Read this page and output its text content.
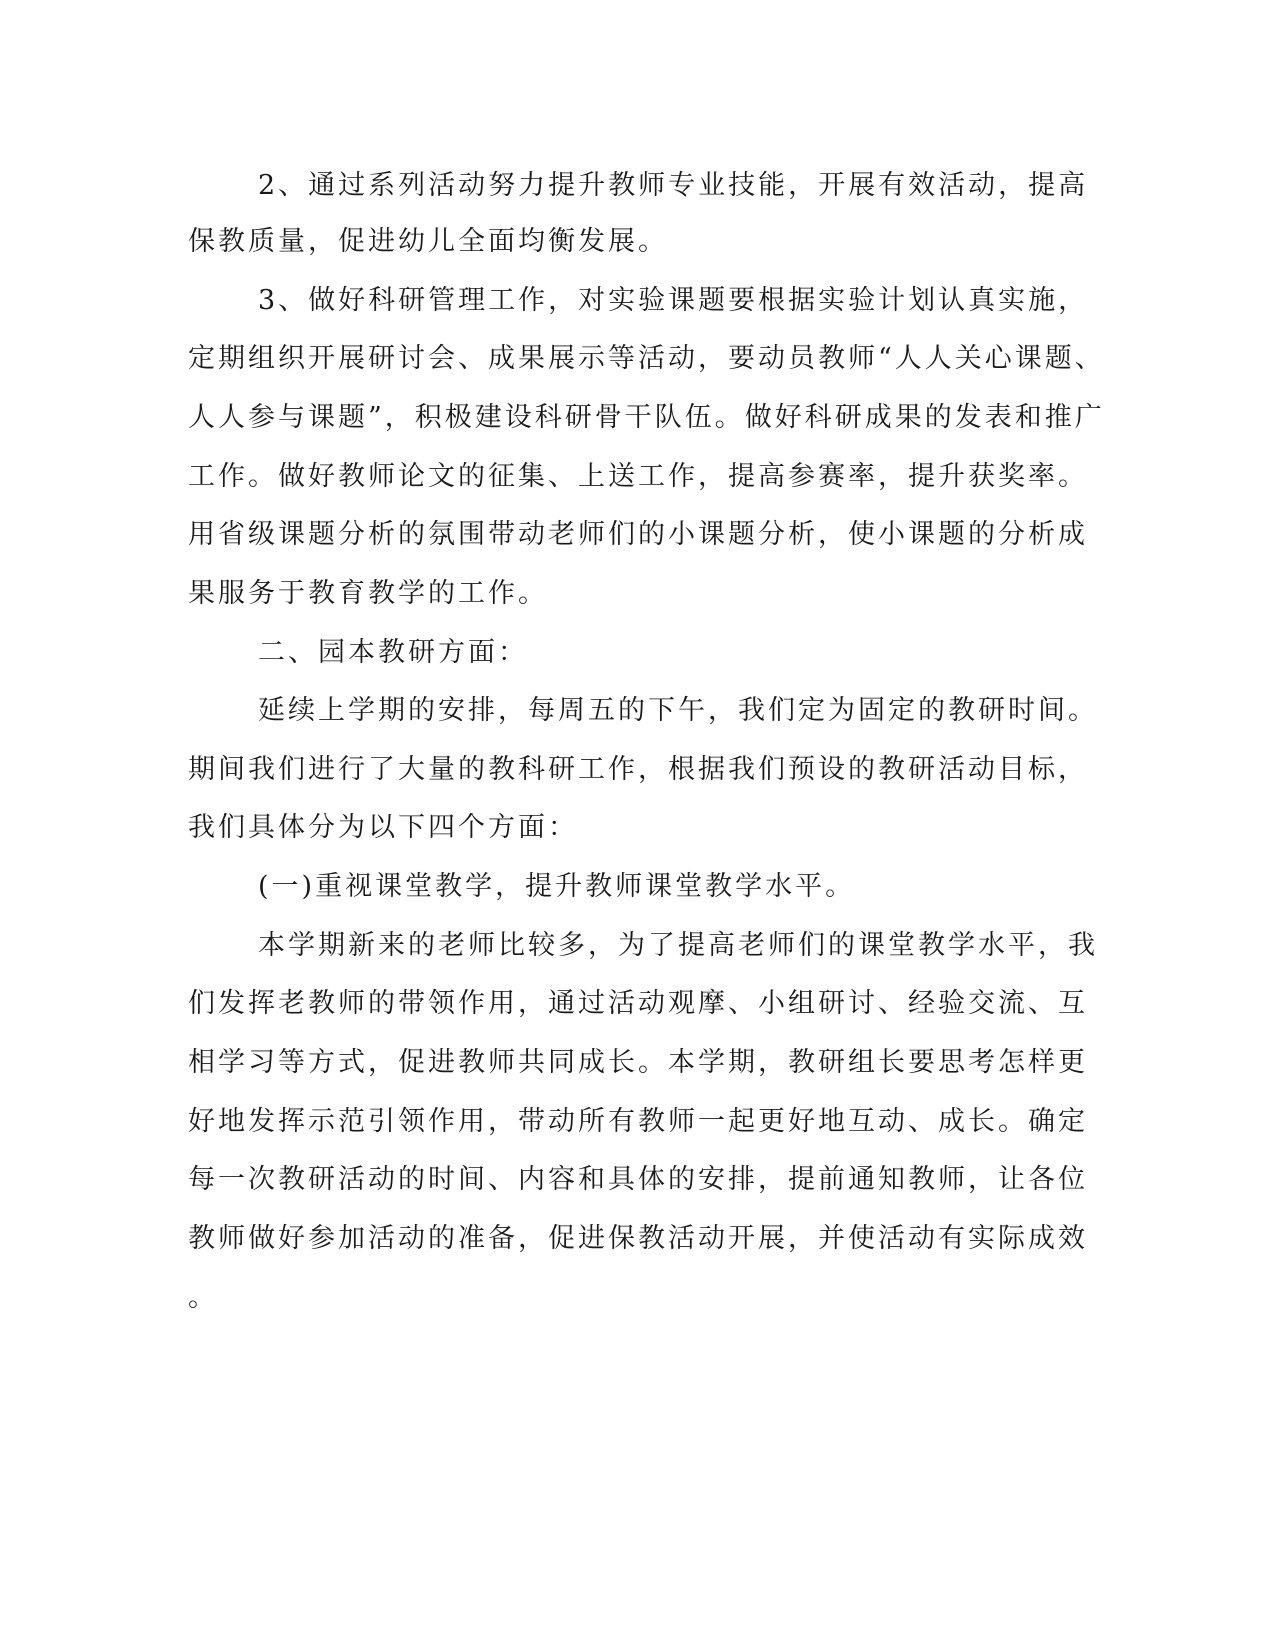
2、通过系列活动努力提升教师专业技能，开展有效活动，提高
保教质量，促进幼儿全面均衡发展。
3、做好科研管理工作，对实验课题要根据实验计划认真实施，
定期组织开展研讨会、成果展示等活动，要动员教师“人人关心课题、
人人参与课题”，积极建设科研骨干队伍。做好科研成果的发表和推广
工作。做好教师论文的征集、上送工作，提高参赛率，提升获奖率。
用省级课题分析的氛围带动老师们的小课题分析，使小课题的分析成
果服务于教育教学的工作。
二、园本教研方面：
延续上学期的安排，每周五的下午，我们定为固定的教研时间。
期间我们进行了大量的教科研工作，根据我们预设的教研活动目标，
我们具体分为以下四个方面：
(一)重视课堂教学，提升教师课堂教学水平。
本学期新来的老师比较多，为了提高老师们的课堂教学水平，我
们发挥老教师的带领作用，通过活动观摩、小组研讨、经验交流、互
相学习等方式，促进教师共同成长。本学期，教研组长要思考怎样更
好地发挥示范引领作用，带动所有教师一起更好地互动、成长。确定
每一次教研活动的时间、内容和具体的安排，提前通知教师，让各位
教师做好参加活动的准备，促进保教活动开展，并使活动有实际成效
。
